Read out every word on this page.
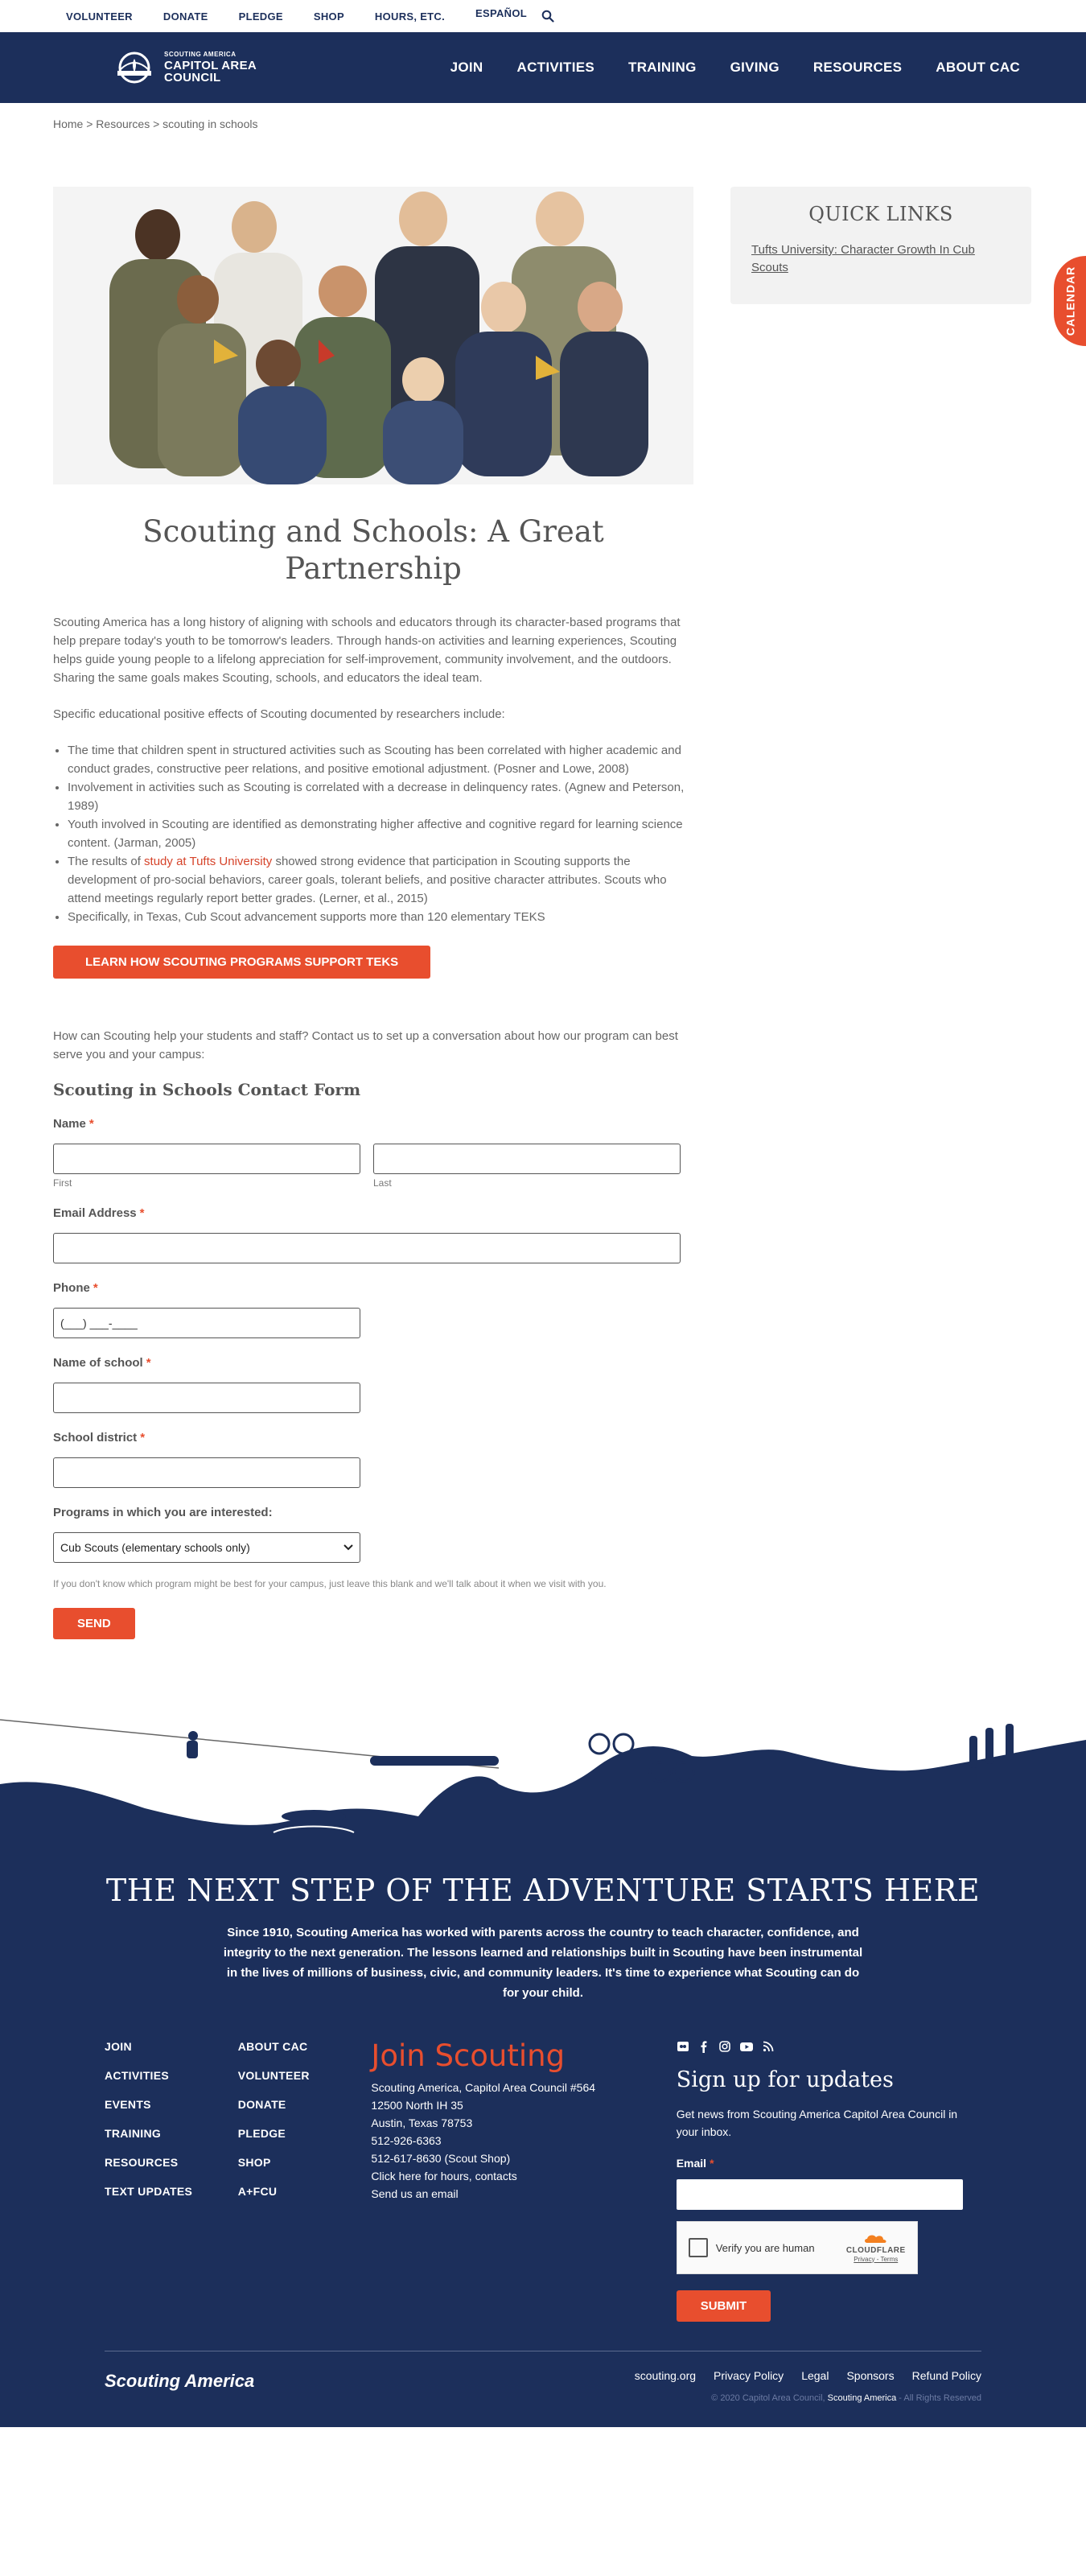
VOLUNTEER	DONATE	PLEDGE	SHOP	HOURS, ETC.	ESPAÑOL
SCOUTING AMERICA
CAPITOL AREA
COUNCIL
JOIN ACTIVITIES TRAINING GIVING RESOURCES ABOUT CAC
Home > Resources > scouting in schools
CALENDAR
Scouting and Schools: A Great Partnership

Scouting America has a long history of aligning with schools and educators through its character-based programs that help prepare today's youth to be tomorrow's leaders. Through hands-on activities and learning experiences, Scouting helps guide young people to a lifelong appreciation for self-improvement, community involvement, and the outdoors. Sharing the same goals makes Scouting, schools, and educators the ideal team.

Specific educational positive effects of Scouting documented by researchers include:

• The time that children spent in structured activities such as Scouting has been correlated with higher academic and conduct grades, constructive peer relations, and positive emotional adjustment. (Posner and Lowe, 2008)
• Involvement in activities such as Scouting is correlated with a decrease in delinquency rates. (Agnew and Peterson, 1989)
• Youth involved in Scouting are identified as demonstrating higher affective and cognitive regard for learning science content. (Jarman, 2005)
• The results of study at Tufts University showed strong evidence that participation in Scouting supports the development of pro-social behaviors, career goals, tolerant beliefs, and positive character attributes. Scouts who attend meetings regularly report better grades. (Lerner, et al., 2015)
• Specifically, in Texas, Cub Scout advancement supports more than 120 elementary TEKS
LEARN HOW SCOUTING PROGRAMS SUPPORT TEKS

How can Scouting help your students and staff? Contact us to set up a conversation about how our program can best serve you and your campus:

Scouting in Schools Contact Form
Name *
First	Last
Email Address *
Phone *
(___) ___-____
Name of school *
School district *
Programs in which you are interested:
Cub Scouts (elementary schools only)

If you don't know which program might be best for your campus, just leave this blank and we'll talk about it when we visit with you.

SEND
QUICK LINKS
Tufts University: Character Growth In Cub Scouts
THE NEXT STEP OF THE ADVENTURE STARTS HERE

Since 1910, Scouting America has worked with parents across the country to teach character, confidence, and integrity to the next generation. The lessons learned and relationships built in Scouting have been instrumental in the lives of millions of business, civic, and community leaders. It's time to experience what Scouting can do for your child.

JOIN
ACTIVITIES
EVENTS
TRAINING
RESOURCES
TEXT UPDATES
ABOUT CAC
VOLUNTEER
DONATE
PLEDGE
SHOP
A+FCU
Join Scouting
Scouting America, Capitol Area Council #564
12500 North IH 35
Austin, Texas 78753
512-926-6363
512-617-8630 (Scout Shop)
Click here for hours, contacts
Send us an email
Sign up for updates

Get news from Scouting America Capitol Area Council in your inbox.

Email *
Verify you are human	CLOUDFLARE
Privacy - Terms
SUBMIT
Scouting America	scouting.org Privacy Policy Legal Sponsors Refund Policy
© 2020 Capitol Area Council, Scouting America - All Rights Reserved
